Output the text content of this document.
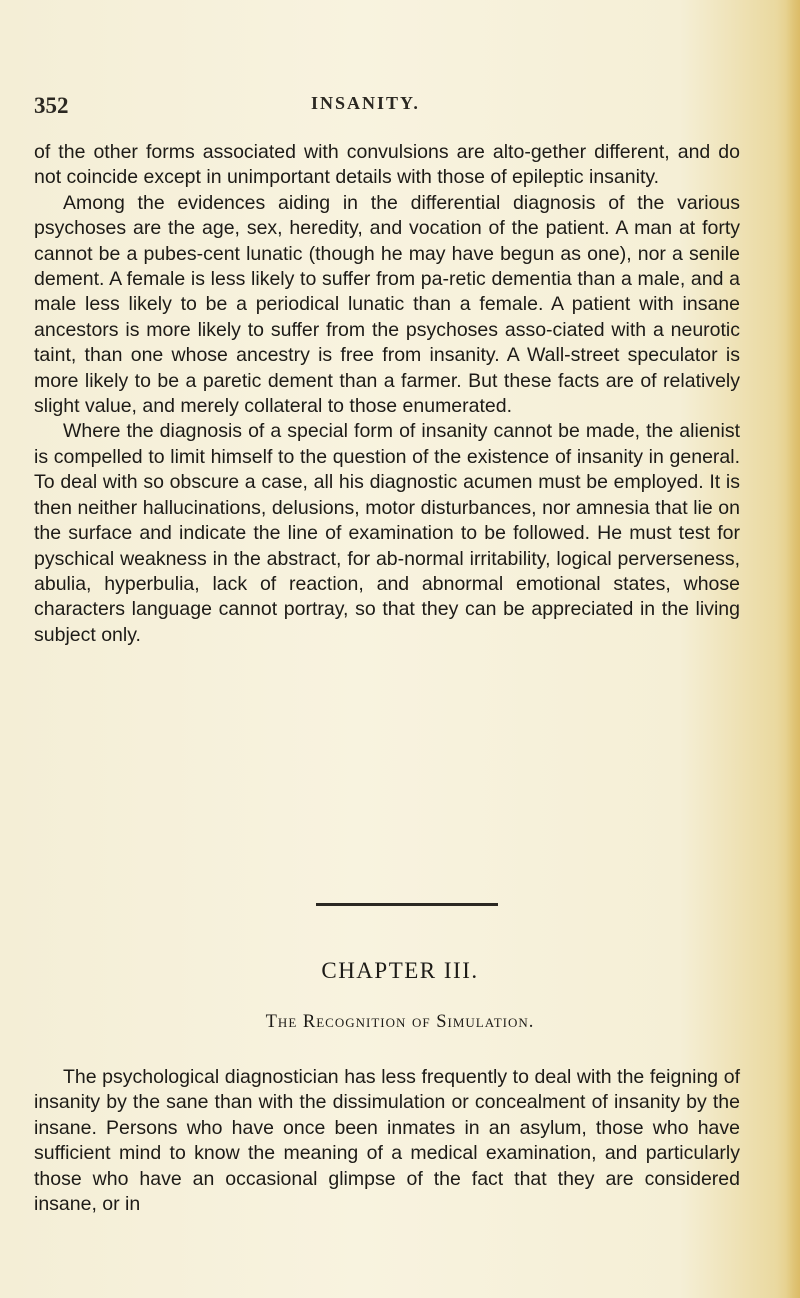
352	INSANITY.

of the other forms associated with convulsions are alto-gether different, and do not coincide except in unimportant details with those of epileptic insanity.

Among the evidences aiding in the differential diagnosis of the various psychoses are the age, sex, heredity, and vocation of the patient. A man at forty cannot be a pubes-cent lunatic (though he may have begun as one), nor a senile dement. A female is less likely to suffer from pa-retic dementia than a male, and a male less likely to be a periodical lunatic than a female. A patient with insane ancestors is more likely to suffer from the psychoses asso-ciated with a neurotic taint, than one whose ancestry is free from insanity. A Wall-street speculator is more likely to be a paretic dement than a farmer. But these facts are of relatively slight value, and merely collateral to those enumerated.

Where the diagnosis of a special form of insanity cannot be made, the alienist is compelled to limit himself to the question of the existence of insanity in general. To deal with so obscure a case, all his diagnostic acumen must be employed. It is then neither hallucinations, delusions, motor disturbances, nor amnesia that lie on the surface and indicate the line of examination to be followed. He must test for pyschical weakness in the abstract, for ab-normal irritability, logical perverseness, abulia, hyperbulia, lack of reaction, and abnormal emotional states, whose characters language cannot portray, so that they can be appreciated in the living subject only.

CHAPTER III.
The Recognition of Simulation.

The psychological diagnostician has less frequently to deal with the feigning of insanity by the sane than with the dissimulation or concealment of insanity by the insane. Persons who have once been inmates in an asylum, those who have sufficient mind to know the meaning of a medical examination, and particularly those who have an occasional glimpse of the fact that they are considered insane, or in
